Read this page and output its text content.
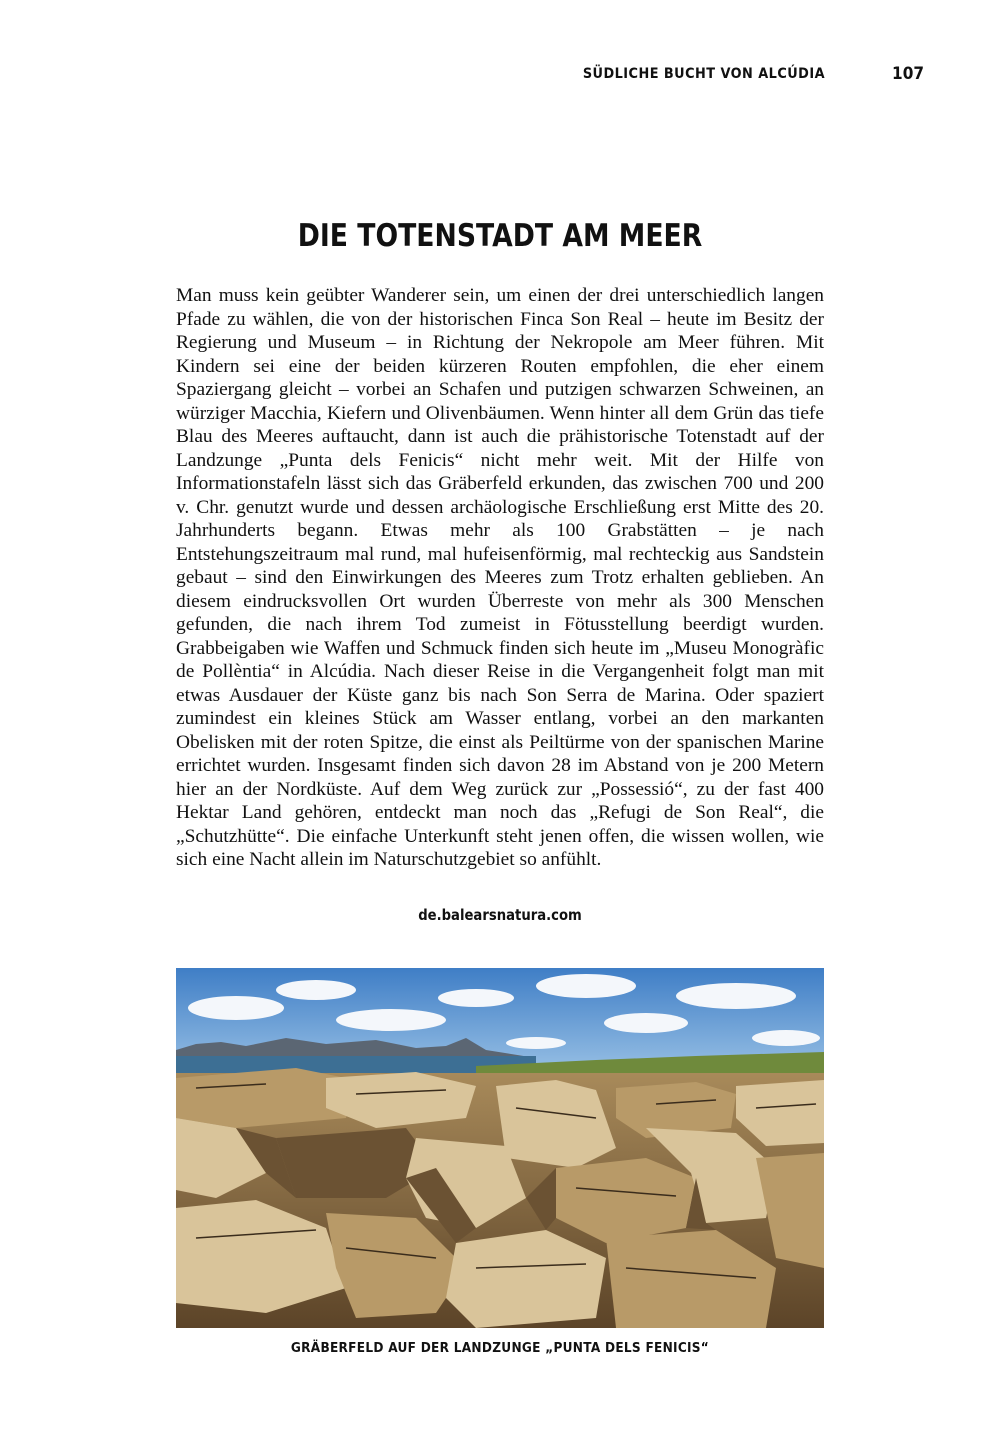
SÜDLICHE BUCHT VON ALCÚDIA	107
DIE TOTENSTADT AM MEER

Man muss kein geübter Wanderer sein, um einen der drei unterschiedlich langen Pfade zu wählen, die von der historischen Finca Son Real – heute im Besitz der Regierung und Museum – in Richtung der Nekropole am Meer führen. Mit Kindern sei eine der beiden kürzeren Routen empfohlen, die eher einem Spaziergang gleicht – vorbei an Schafen und putzigen schwarzen Schweinen, an würziger Macchia, Kiefern und Olivenbäumen. Wenn hinter all dem Grün das tiefe Blau des Meeres auftaucht, dann ist auch die prähistorische Totenstadt auf der Landzunge „Punta dels Fenicis“ nicht mehr weit. Mit der Hilfe von Informationstafeln lässt sich das Gräberfeld erkunden, das zwischen 700 und 200 v. Chr. genutzt wurde und dessen archäologische Erschließung erst Mitte des 20. Jahrhunderts begann. Etwas mehr als 100 Grabstätten – je nach Entstehungszeitraum mal rund, mal hufeisenförmig, mal rechteckig aus Sandstein gebaut – sind den Einwirkungen des Meeres zum Trotz erhalten geblieben. An diesem eindrucksvollen Ort wurden Überreste von mehr als 300 Menschen gefunden, die nach ihrem Tod zumeist in Fötusstellung beerdigt wurden. Grabbeigaben wie Waffen und Schmuck finden sich heute im „Museu Monogràfic de Pollèntia“ in Alcúdia. Nach dieser Reise in die Vergangenheit folgt man mit etwas Ausdauer der Küste ganz bis nach Son Serra de Marina. Oder spaziert zumindest ein kleines Stück am Wasser entlang, vorbei an den markanten Obelisken mit der roten Spitze, die einst als Peiltürme von der spanischen Marine errichtet wurden. Insgesamt finden sich davon 28 im Abstand von je 200 Metern hier an der Nordküste. Auf dem Weg zurück zur „Possessió“, zu der fast 400 Hektar Land gehören, entdeckt man noch das „Refugi de Son Real“, die „Schutzhütte“. Die einfache Unterkunft steht jenen offen, die wissen wollen, wie sich eine Nacht allein im Naturschutzgebiet so anfühlt.

de.balearsnatura.com
GRÄBERFELD AUF DER LANDZUNGE „PUNTA DELS FENICIS“
